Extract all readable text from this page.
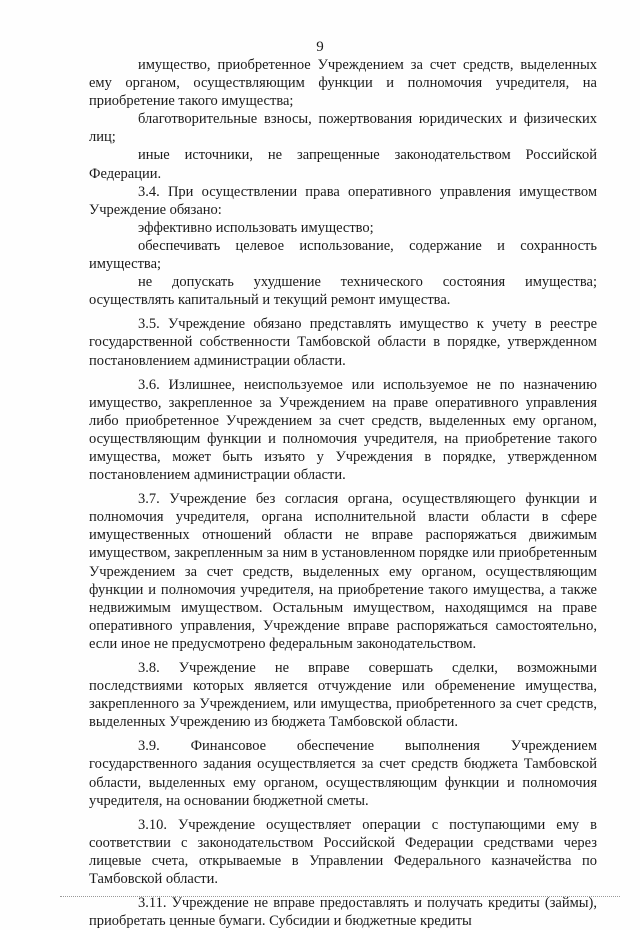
9

имущество, приобретенное Учреждением за счет средств, выделенных ему органом, осуществляющим функции и полномочия учредителя, на приобретение такого имущества;

благотворительные взносы, пожертвования юридических и физических лиц;

иные источники, не запрещенные законодательством Российской Федерации.

3.4. При осуществлении права оперативного управления имуществом Учреждение обязано:

эффективно использовать имущество;

обеспечивать целевое использование, содержание и сохранность имущества;

не допускать ухудшение технического состояния имущества; осуществлять капитальный и текущий ремонт имущества.

3.5. Учреждение обязано представлять имущество к учету в реестре государственной собственности Тамбовской области в порядке, утвержденном постановлением администрации области.

3.6. Излишнее, неиспользуемое или используемое не по назначению имущество, закрепленное за Учреждением на праве оперативного управления либо приобретенное Учреждением за счет средств, выделенных ему органом, осуществляющим функции и полномочия учредителя, на приобретение такого имущества, может быть изъято у Учреждения в порядке, утвержденном постановлением администрации области.

3.7. Учреждение без согласия органа, осуществляющего функции и полномочия учредителя, органа исполнительной власти области в сфере имущественных отношений области не вправе распоряжаться движимым имуществом, закрепленным за ним в установленном порядке или приобретенным Учреждением за счет средств, выделенных ему органом, осуществляющим функции и полномочия учредителя, на приобретение такого имущества, а также недвижимым имуществом. Остальным имуществом, находящимся на праве оперативного управления, Учреждение вправе распоряжаться самостоятельно, если иное не предусмотрено федеральным законодательством.

3.8. Учреждение не вправе совершать сделки, возможными последствиями которых является отчуждение или обременение имущества, закрепленного за Учреждением, или имущества, приобретенного за счет средств, выделенных Учреждению из бюджета Тамбовской области.

3.9. Финансовое обеспечение выполнения Учреждением государственного задания осуществляется за счет средств бюджета Тамбовской области, выделенных ему органом, осуществляющим функции и полномочия учредителя, на основании бюджетной сметы.

3.10. Учреждение осуществляет операции с поступающими ему в соответствии с законодательством Российской Федерации средствами через лицевые счета, открываемые в Управлении Федерального казначейства по Тамбовской области.

3.11. Учреждение не вправе предоставлять и получать кредиты (займы), приобретать ценные бумаги. Субсидии и бюджетные кредиты
